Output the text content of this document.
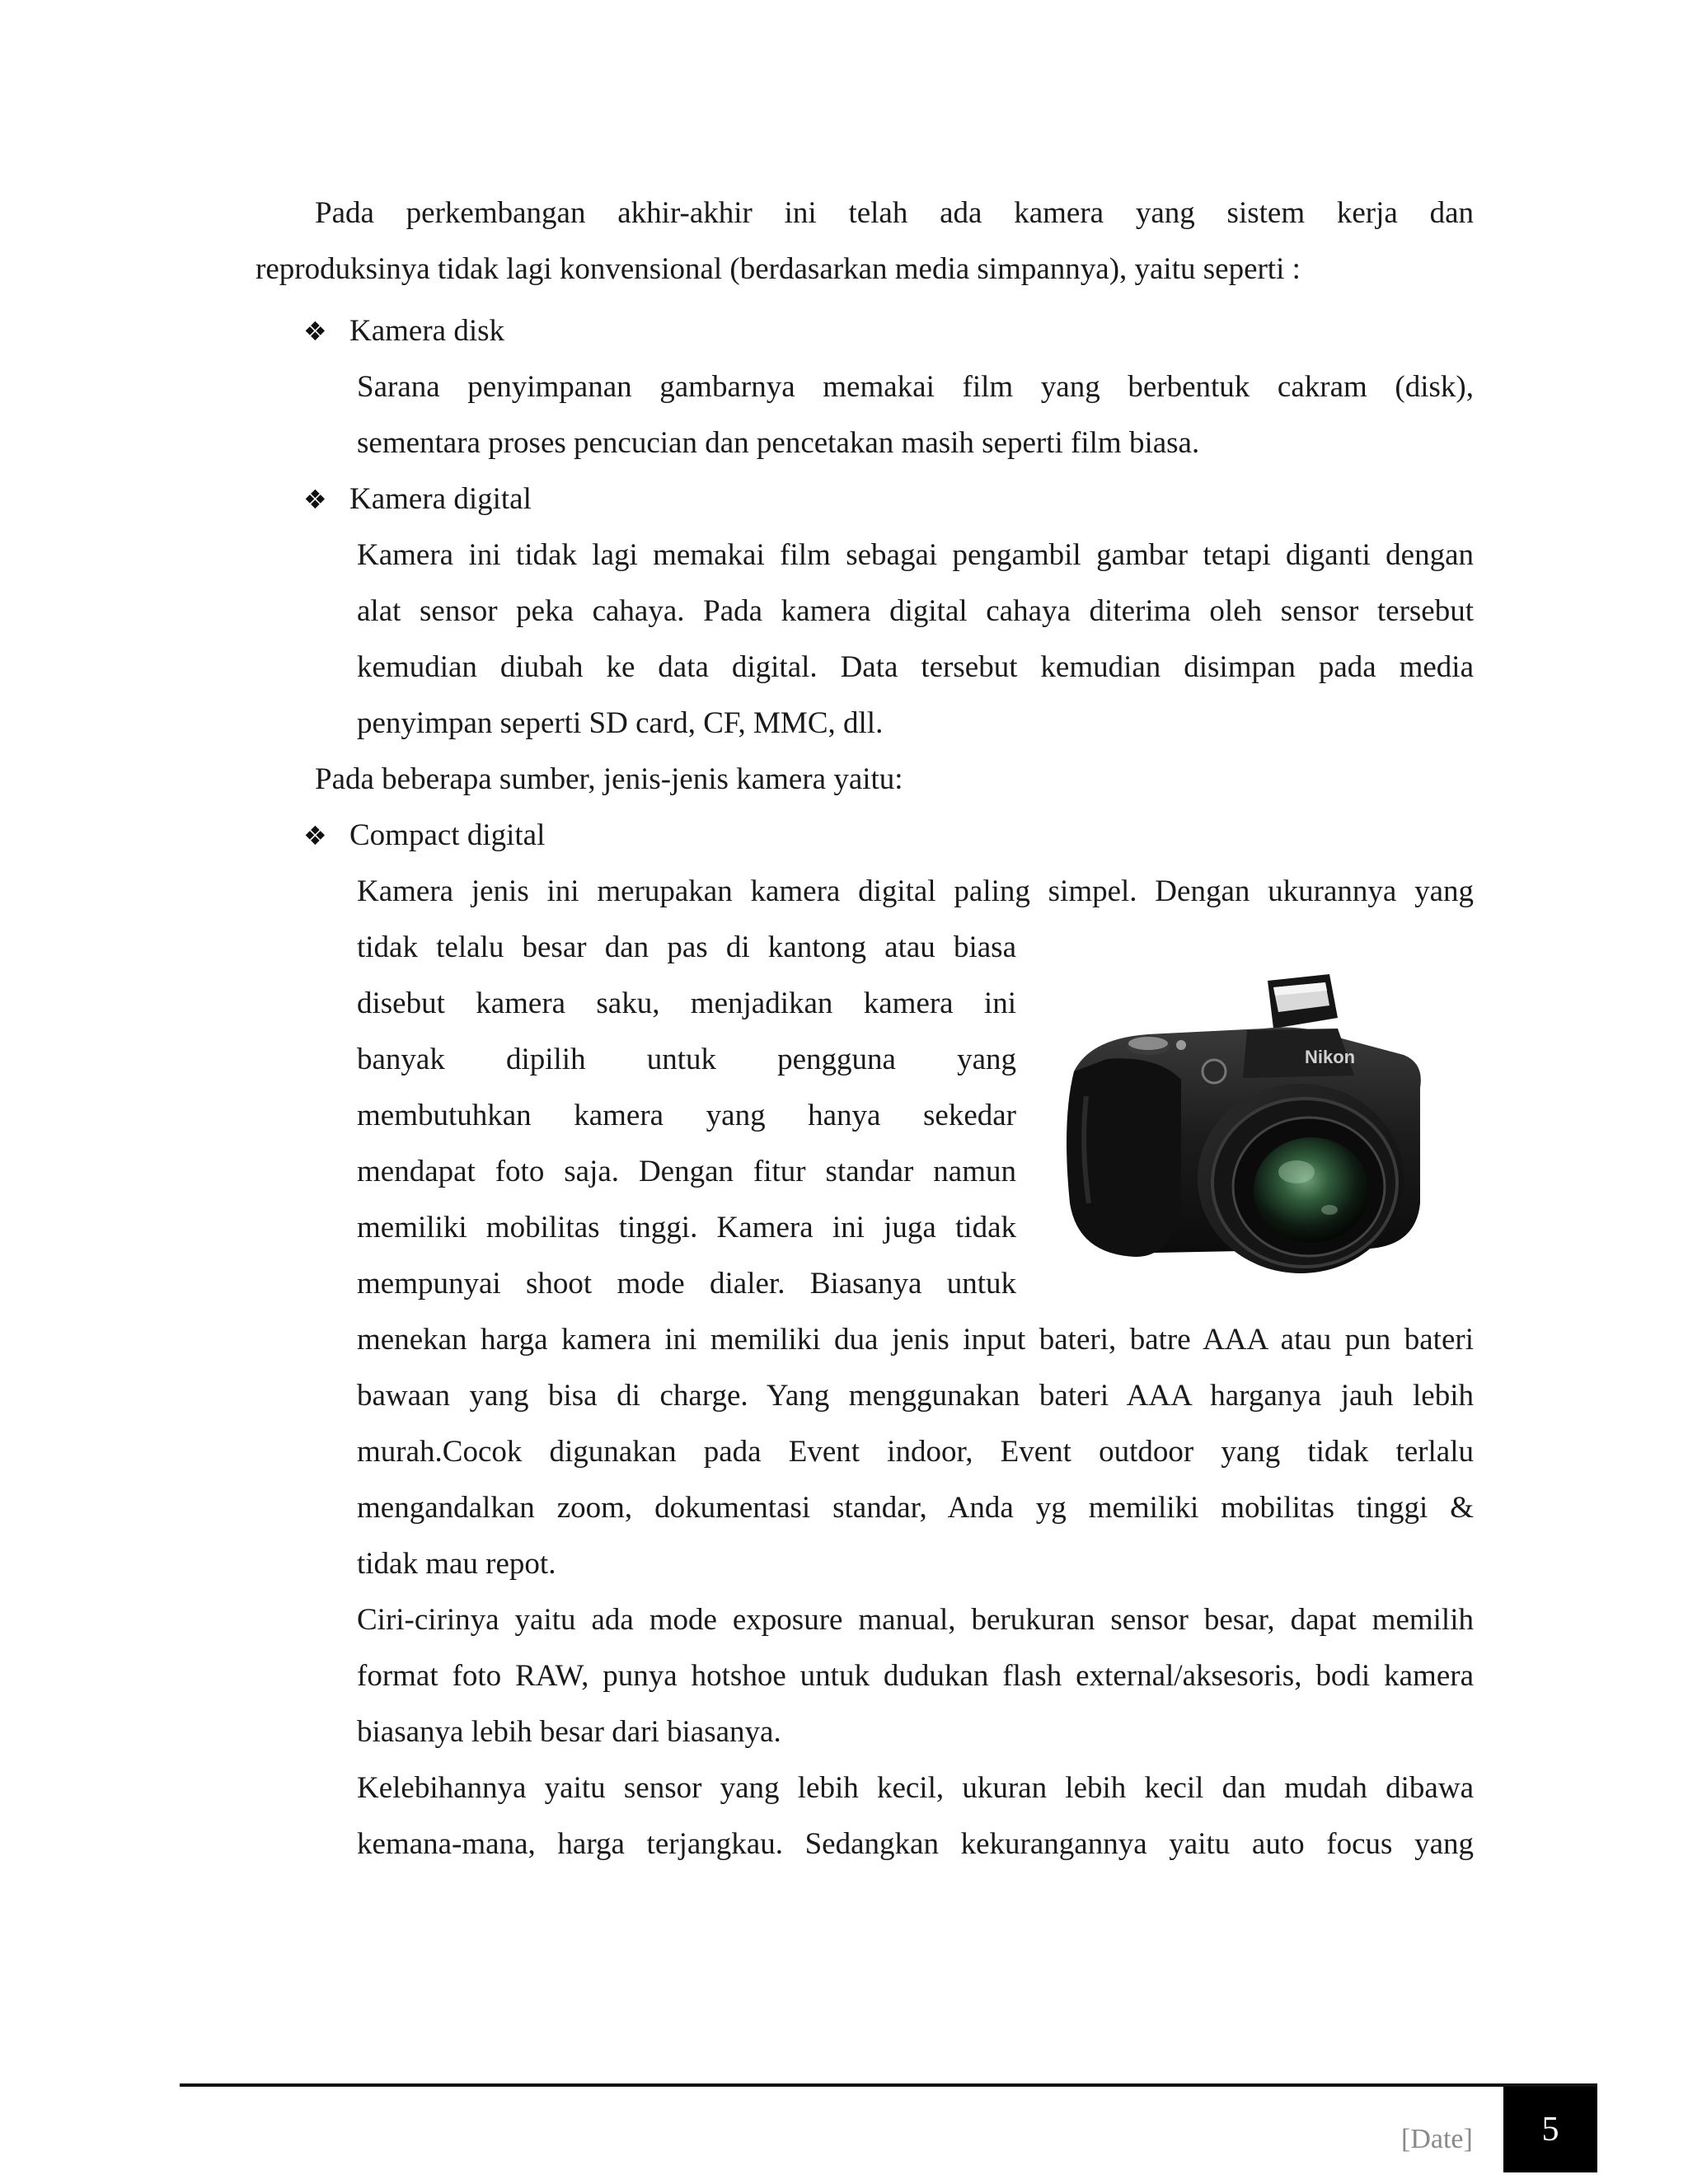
Pada perkembangan akhir-akhir ini telah ada kamera yang sistem kerja dan
reproduksinya tidak lagi konvensional (berdasarkan media simpannya), yaitu seperti :
❖ Kamera disk
Sarana penyimpanan gambarnya memakai film yang berbentuk cakram (disk),
sementara proses pencucian dan pencetakan masih seperti film biasa.
❖ Kamera digital
Kamera ini tidak lagi memakai film sebagai pengambil gambar tetapi diganti dengan
alat sensor peka cahaya. Pada kamera digital cahaya diterima oleh sensor tersebut
kemudian diubah ke data digital. Data tersebut kemudian disimpan pada media
penyimpan seperti SD card, CF, MMC, dll.
Pada beberapa sumber, jenis-jenis kamera yaitu:
❖ Compact digital
Kamera jenis ini merupakan kamera digital paling simpel. Dengan ukurannya yang
tidak telalu besar dan pas di kantong atau biasa
disebut kamera saku, menjadikan kamera ini
banyak dipilih untuk pengguna yang
membutuhkan kamera yang hanya sekedar
mendapat foto saja. Dengan fitur standar namun
memiliki mobilitas tinggi. Kamera ini juga tidak
mempunyai shoot mode dialer. Biasanya untuk
Nikon
menekan harga kamera ini memiliki dua jenis input bateri, batre AAA atau pun bateri
bawaan yang bisa di charge. Yang menggunakan bateri AAA harganya jauh lebih
murah.Cocok digunakan pada Event indoor, Event outdoor yang tidak terlalu
mengandalkan zoom, dokumentasi standar, Anda yg memiliki mobilitas tinggi &
tidak mau repot.
Ciri-cirinya yaitu ada mode exposure manual, berukuran sensor besar, dapat memilih
format foto RAW, punya hotshoe untuk dudukan flash external/aksesoris, bodi kamera
biasanya lebih besar dari biasanya.
Kelebihannya yaitu sensor yang lebih kecil, ukuran lebih kecil dan mudah dibawa
kemana-mana, harga terjangkau. Sedangkan kekurangannya yaitu auto focus yang
[Date] 5
